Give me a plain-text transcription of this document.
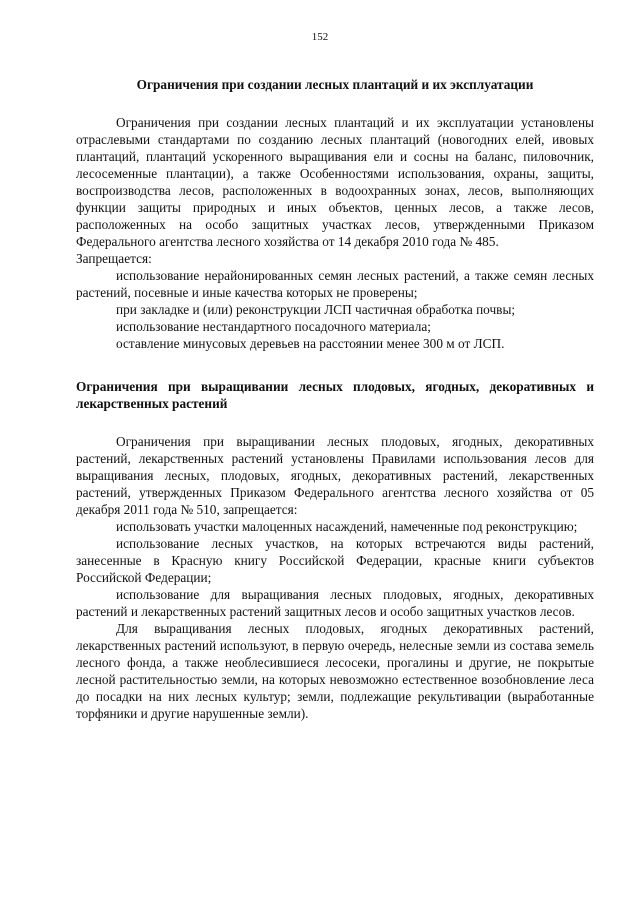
152

Ограничения при создании лесных плантаций и их эксплуатации

Ограничения при создании лесных плантаций и их эксплуатации установлены отраслевыми стандартами по созданию лесных плантаций (новогодних елей, ивовых плантаций, плантаций ускоренного выращивания ели и сосны на баланс, пиловочник, лесосеменные плантации), а также Особенностями использования, охраны, защиты, воспроизводства лесов, расположенных в водоохранных зонах, лесов, выполняющих функции защиты природных и иных объектов, ценных лесов, а также лесов, расположенных на особо защитных участках лесов, утвержденными Приказом Федерального агентства лесного хозяйства от 14 декабря 2010 года № 485.

Запрещается:

использование нерайонированных семян лесных растений, а также семян лесных растений, посевные и иные качества которых не проверены;

при закладке и (или) реконструкции ЛСП частичная обработка почвы;

использование нестандартного посадочного материала;

оставление минусовых деревьев на расстоянии менее 300 м от ЛСП.

Ограничения при выращивании лесных плодовых, ягодных, декоративных и лекарственных растений

Ограничения при выращивании лесных плодовых, ягодных, декоративных растений, лекарственных растений установлены Правилами использования лесов для выращивания лесных, плодовых, ягодных, декоративных растений, лекарственных растений, утвержденных Приказом Федерального агентства лесного хозяйства от 05 декабря 2011 года № 510, запрещается:

использовать участки малоценных насаждений, намеченные под реконструкцию;

использование лесных участков, на которых встречаются виды растений, занесенные в Красную книгу Российской Федерации, красные книги субъектов Российской Федерации;

использование для выращивания лесных плодовых, ягодных, декоративных растений и лекарственных растений защитных лесов и особо защитных участков лесов.

Для выращивания лесных плодовых, ягодных декоративных растений, лекарственных растений используют, в первую очередь, нелесные земли из состава земель лесного фонда, а также необлесившиеся лесосеки, прогалины и другие, не покрытые лесной растительностью земли, на которых невозможно естественное возобновление леса до посадки на них лесных культур; земли, подлежащие рекультивации (выработанные торфяники и другие нарушенные земли).
